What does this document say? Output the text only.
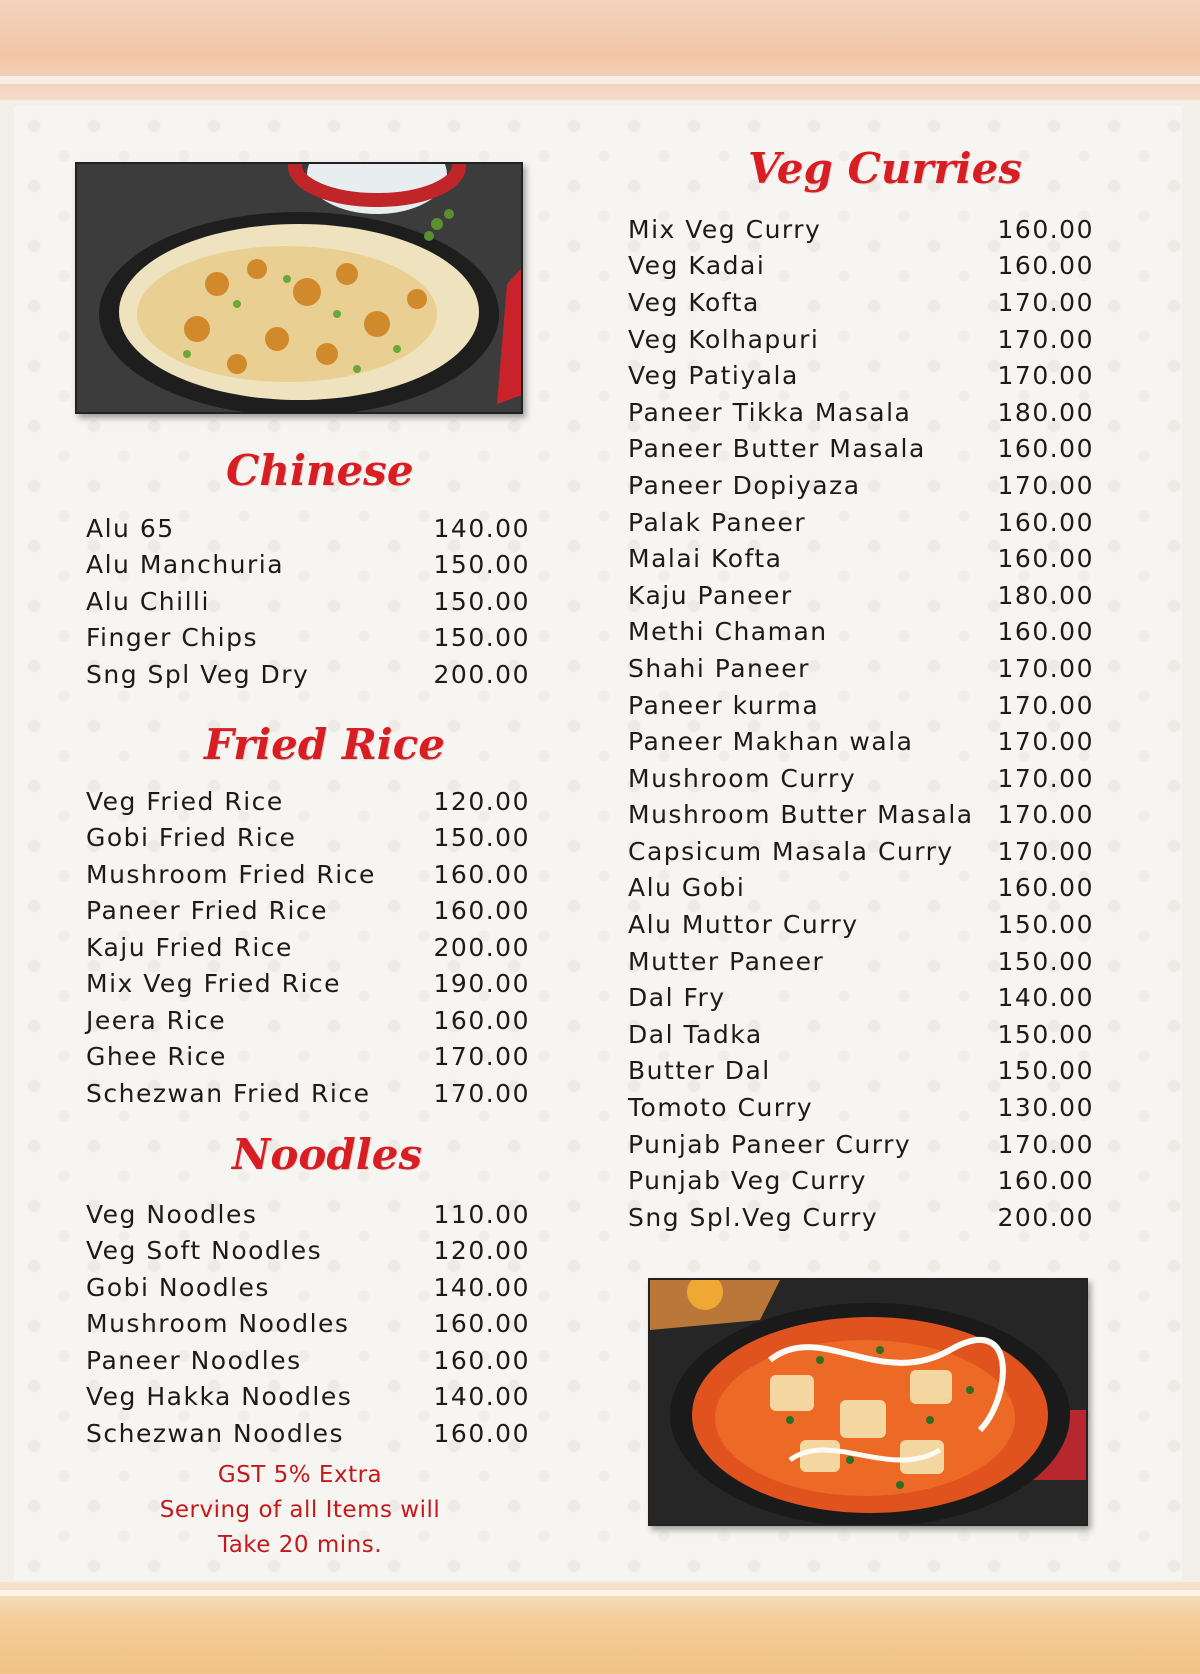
Chinese
Alu 65	140.00
Alu Manchuria	150.00
Alu Chilli	150.00
Finger Chips	150.00
Sng Spl Veg Dry	200.00
Fried Rice
Veg Fried Rice	120.00
Gobi Fried Rice	150.00
Mushroom Fried Rice 160.00
Paneer Fried Rice	160.00
Kaju Fried Rice	200.00
Mix Veg Fried Rice	190.00
Jeera Rice	160.00
Ghee Rice	170.00
Schezwan Fried Rice	170.00
Noodles
Veg Noodles	110.00
Veg Soft Noodles	120.00
Gobi Noodles	140.00
Mushroom Noodles	160.00
Paneer Noodles	160.00
Veg Hakka Noodles	140.00
Schezwan Noodles	160.00
GST 5% Extra
Serving of all Items will
Take 20 mins.
Veg Curries
Mix Veg Curry	160.00
Veg Kadai	160.00
Veg Kofta	170.00
Veg Kolhapuri	170.00
Veg Patiyala	170.00
Paneer Tikka Masala	180.00
Paneer Butter Masala	160.00
Paneer Dopiyaza	170.00
Palak Paneer	160.00
Malai Kofta	160.00
Kaju Paneer	180.00
Methi Chaman	160.00
Shahi Paneer	170.00
Paneer kurma	170.00
Paneer Makhan wala	170.00
Mushroom Curry	170.00
Mushroom Butter Masala 170.00
Capsicum Masala Curry 170.00
Alu Gobi	160.00
Alu Muttor Curry	150.00
Mutter Paneer	150.00
Dal Fry	140.00
Dal Tadka	150.00
Butter Dal	150.00
Tomoto Curry	130.00
Punjab Paneer Curry	170.00
Punjab Veg Curry	160.00
Sng Spl.Veg Curry	200.00
